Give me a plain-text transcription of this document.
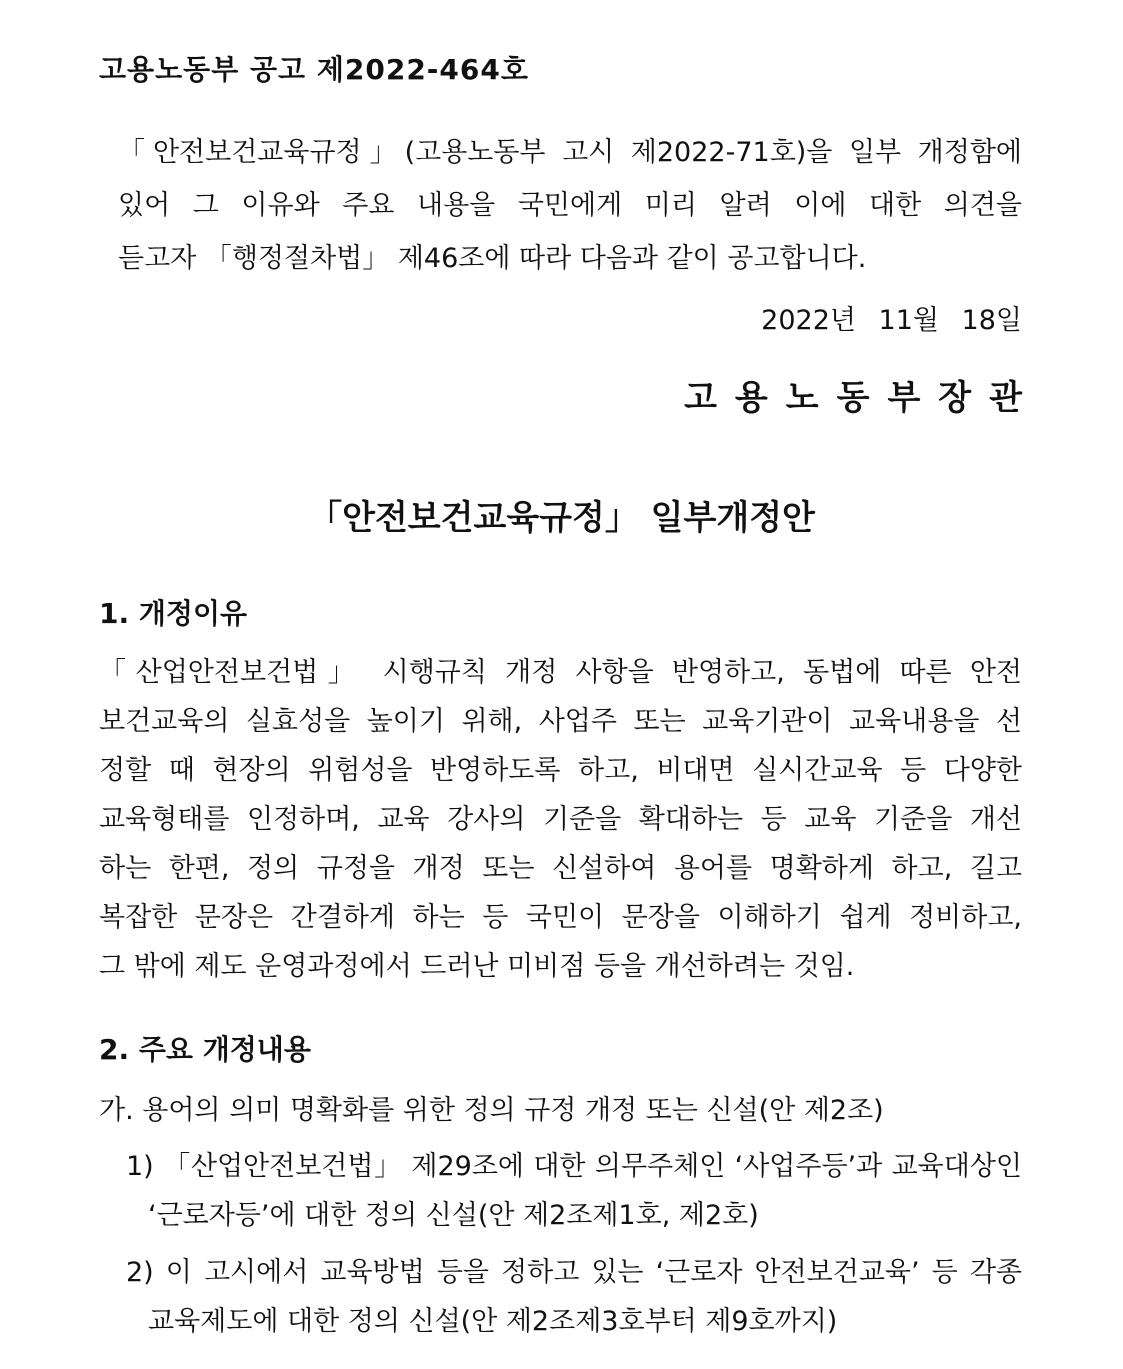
고용노동부 공고 제2022-464호
「안전보건교육규정」(고용노동부 고시 제2022-71호)을 일부 개정함에
있어 그 이유와 주요 내용을 국민에게 미리 알려 이에 대한 의견을
듣고자 「행정절차법」 제46조에 따라 다음과 같이 공고합니다.
2022년 11월 18일
고용노동부장관
「안전보건교육규정」 일부개정안
1. 개정이유
「산업안전보건법」 시행규칙 개정 사항을 반영하고, 동법에 따른 안전
보건교육의 실효성을 높이기 위해, 사업주 또는 교육기관이 교육내용을 선
정할 때 현장의 위험성을 반영하도록 하고, 비대면 실시간교육 등 다양한
교육형태를 인정하며, 교육 강사의 기준을 확대하는 등 교육 기준을 개선
하는 한편, 정의 규정을 개정 또는 신설하여 용어를 명확하게 하고, 길고
복잡한 문장은 간결하게 하는 등 국민이 문장을 이해하기 쉽게 정비하고,
그 밖에 제도 운영과정에서 드러난 미비점 등을 개선하려는 것임.
2. 주요 개정내용
가. 용어의 의미 명확화를 위한 정의 규정 개정 또는 신설(안 제2조)
1) 「산업안전보건법」 제29조에 대한 의무주체인 ‘사업주등’과 교육대상인
‘근로자등’에 대한 정의 신설(안 제2조제1호, 제2호)
2) 이 고시에서 교육방법 등을 정하고 있는 ‘근로자 안전보건교육’ 등 각종
교육제도에 대한 정의 신설(안 제2조제3호부터 제9호까지)
